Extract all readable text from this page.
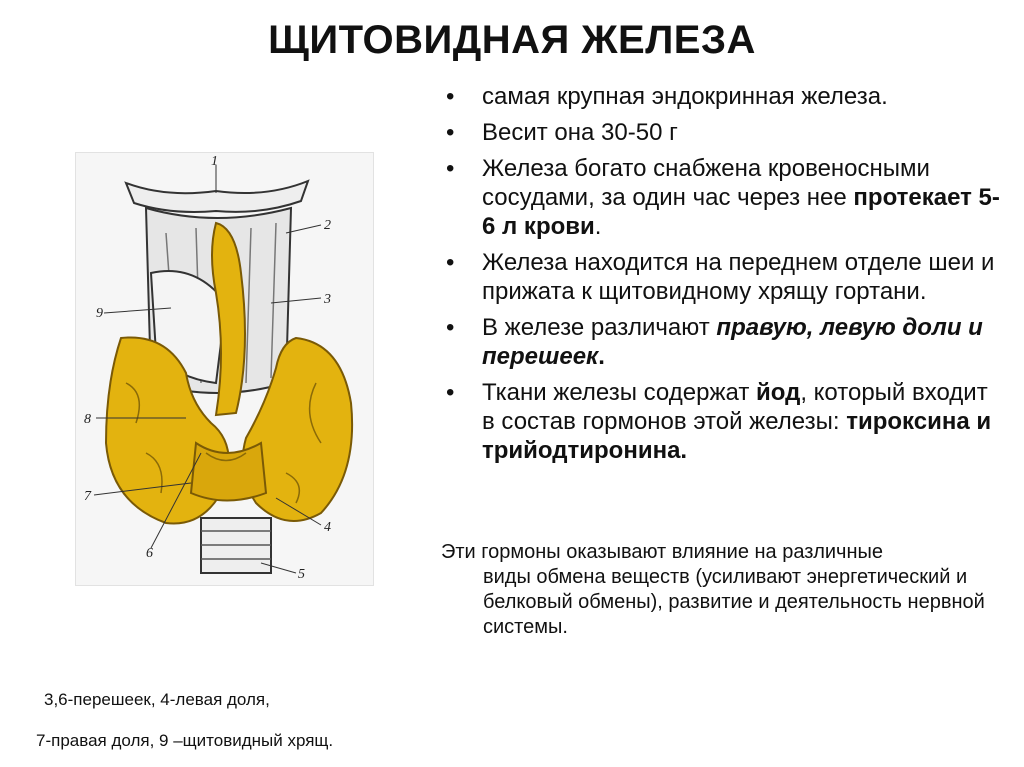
ЩИТОВИДНАЯ ЖЕЛЕЗА
1
2
3
9
8
7
6
4
5
• самая крупная эндокринная железа.
• Весит она 30-50 г
• Железа богато снабжена кровеносными сосудами, за один час через нее протекает 5-6 л крови.
• Железа находится на переднем отделе шеи и прижата к щитовидному хрящу гортани.
• В железе различают правую, левую доли и перешеек.
• Ткани железы содержат йод, который входит в состав гормонов этой железы: тироксина и трийодтиронина.
Эти гормоны оказывают влияние на различные
виды обмена веществ (усиливают энергетический и белковый обмены), развитие и деятельность нервной системы.
3,6-перешеек, 4-левая доля,
7-правая доля, 9 –щитовидный хрящ.
